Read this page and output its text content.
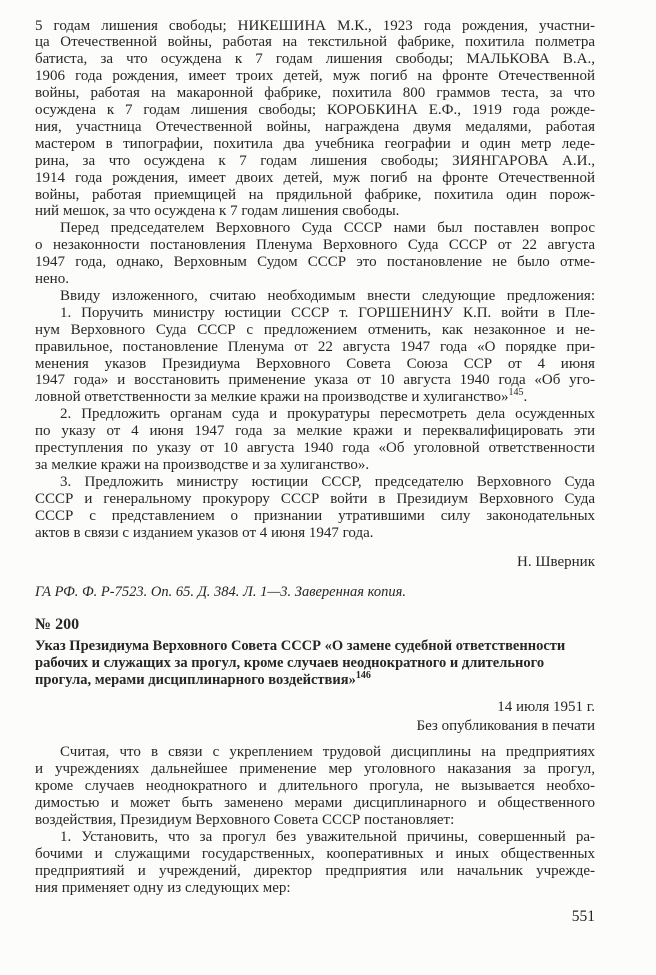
Н. Шверник
ГА РФ. Ф. Р-7523. Оп. 65. Д. 384. Л. 1—3. Заверенная копия.
№ 200
14 июля 1951 г.
Без опубликования в печати
551
5 годам лишения свободы; НИКЕШИНА М.К., 1923 года рождения, участни-
ца Отечественной войны, работая на текстильной фабрике, похитила полметра
батиста, за что осуждена к 7 годам лишения свободы; МАЛЬКОВА В.А.,
1906 года рождения, имеет троих детей, муж погиб на фронте Отечественной
войны, работая на макаронной фабрике, похитила 800 граммов теста, за что
осуждена к 7 годам лишения свободы; КОРОБКИНА Е.Ф., 1919 года рожде-
ния, участница Отечественной войны, награждена двумя медалями, работая
мастером в типографии, похитила два учебника географии и один метр леде-
рина, за что осуждена к 7 годам лишения свободы; ЗИЯНГАРОВА А.И.,
1914 года рождения, имеет двоих детей, муж погиб на фронте Отечественной
войны, работая приемщицей на прядильной фабрике, похитила один порож-
ний мешок, за что осуждена к 7 годам лишения свободы.
Перед председателем Верховного Суда СССР нами был поставлен вопрос
о незаконности постановления Пленума Верховного Суда СССР от 22 августа
1947 года, однако, Верховным Судом СССР это постановление не было отме-
нено.
Ввиду изложенного, считаю необходимым внести следующие предложения:
1. Поручить министру юстиции СССР т. ГОРШЕНИНУ К.П. войти в Пле-
нум Верховного Суда СССР с предложением отменить, как незаконное и не-
правильное, постановление Пленума от 22 августа 1947 года «О порядке при-
менения указов Президиума Верховного Совета Союза ССР от 4 июня
1947 года» и восстановить применение указа от 10 августа 1940 года «Об уго-
ловной ответственности за мелкие кражи на производстве и хулиганство»$^{145}$.
2. Предложить органам суда и прокуратуры пересмотреть дела осужденных
по указу от 4 июня 1947 года за мелкие кражи и переквалифицировать эти
преступления по указу от 10 августа 1940 года «Об уголовной ответственности
за мелкие кражи на производстве и за хулиганство».
3. Предложить министру юстиции СССР, председателю Верховного Суда
СССР и генеральному прокурору СССР войти в Президиум Верховного Суда
СССР с представлением о признании утратившими силу законодательных
актов в связи с изданием указов от 4 июня 1947 года.
Указ Президиума Верховного Совета СССР «О замене судебной ответственности
рабочих и служащих за прогул, кроме случаев неоднократного и длительного
прогула, мерами дисциплинарного воздействия»$^{146}$
Считая, что в связи с укреплением трудовой дисциплины на предприятиях
и учреждениях дальнейшее применение мер уголовного наказания за прогул,
кроме случаев неоднократного и длительного прогула, не вызывается необхо-
димостью и может быть заменено мерами дисциплинарного и общественного
воздействия, Президиум Верховного Совета СССР постановляет:
1. Установить, что за прогул без уважительной причины, совершенный ра-
бочими и служащими государственных, кооперативных и иных общественных
предприятияй и учреждений, директор предприятия или начальник учрежде-
ния применяет одну из следующих мер:
